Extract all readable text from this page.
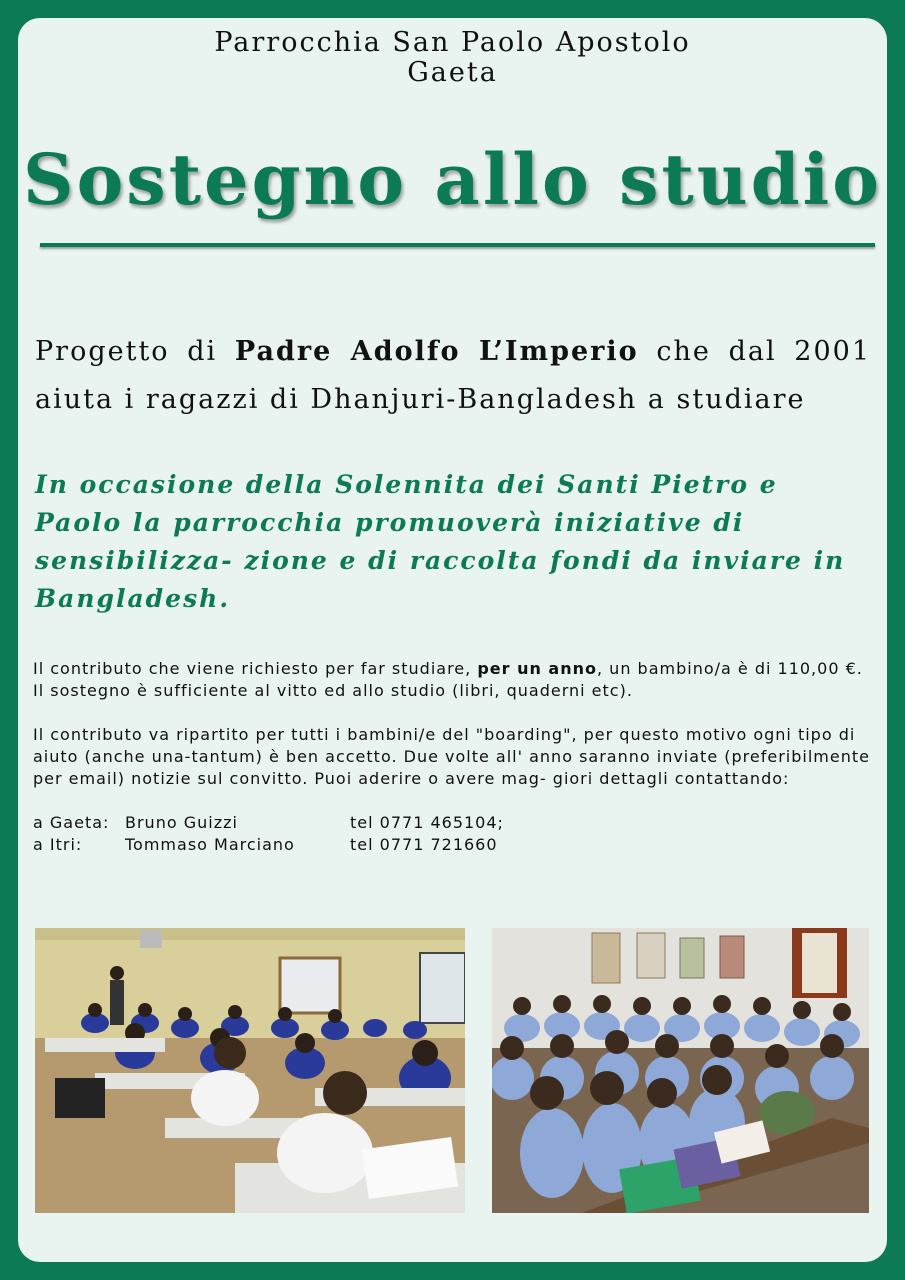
Parrocchia San Paolo Apostolo
Gaeta
Sostegno allo studio
Progetto di Padre Adolfo L’Imperio che dal 2001 aiuta i ragazzi di Dhanjuri-Bangladesh a studiare
In occasione della Solennita dei Santi Pietro e Paolo la parrocchia promuoverà iniziative di sensibilizza- zione e di raccolta fondi da inviare in Bangladesh.

Il contributo che viene richiesto per far studiare, per un anno, un bambino/a è di 110,00 €. Il sostegno è sufficiente al vitto ed allo studio (libri, quaderni etc).

Il contributo va ripartito per tutti i bambini/e del "boarding", per questo motivo ogni tipo di aiuto (anche una-tantum) è ben accetto. Due volte all' anno saranno inviate (preferibilmente per email) notizie sul convitto. Puoi aderire o avere mag- giori dettagli contattando:

a Gaeta: Bruno Guizzi	tel 0771 465104;
a Itri:	Tommaso Marciano	tel 0771 721660
